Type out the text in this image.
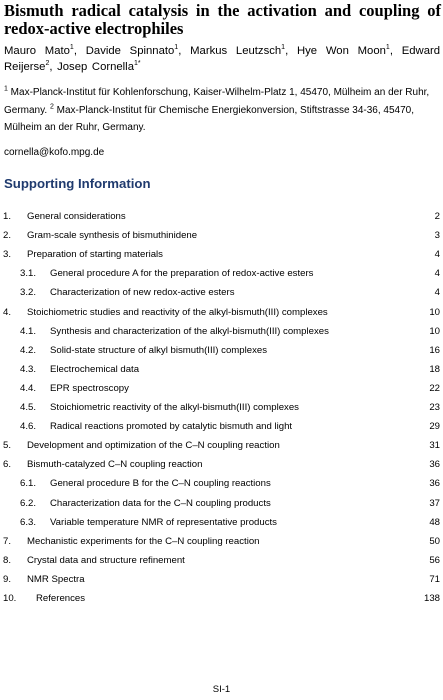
Bismuth radical catalysis in the activation and coupling of redox-active electrophiles
Mauro Mato$^1$, Davide Spinnato$^1$, Markus Leutzsch$^1$, Hye Won Moon$^1$, Edward Reijerse$^2$, Josep Cornella$^{1*}$
$^1$ Max-Planck-Institut für Kohlenforschung, Kaiser-Wilhelm-Platz 1, 45470, Mülheim an der Ruhr, Germany. $^2$ Max-Planck-Institut für Chemische Energiekonversion, Stiftstrasse 34-36, 45470, Mülheim an der Ruhr, Germany.
cornella@kofo.mpg.de
Supporting Information
1. General considerations	2
2. Gram-scale synthesis of bismuthinidene	3
3. Preparation of starting materials	4
3.1. General procedure A for the preparation of redox-active esters	4
3.2. Characterization of new redox-active esters	4
4. Stoichiometric studies and reactivity of the alkyl-bismuth(III) complexes	10
4.1. Synthesis and characterization of the alkyl-bismuth(III) complexes	10
4.2. Solid-state structure of alkyl bismuth(III) complexes	16
4.3. Electrochemical data	18
4.4. EPR spectroscopy	22
4.5. Stoichiometric reactivity of the alkyl-bismuth(III) complexes	23
4.6. Radical reactions promoted by catalytic bismuth and light	29
5. Development and optimization of the C–N coupling reaction	31
6. Bismuth-catalyzed C–N coupling reaction	36
6.1. General procedure B for the C–N coupling reactions	36
6.2. Characterization data for the C–N coupling products	37
6.3. Variable temperature NMR of representative products	48
7. Mechanistic experiments for the C–N coupling reaction	50
8. Crystal data and structure refinement	56
9. NMR Spectra	71
10. References	138
SI-1
